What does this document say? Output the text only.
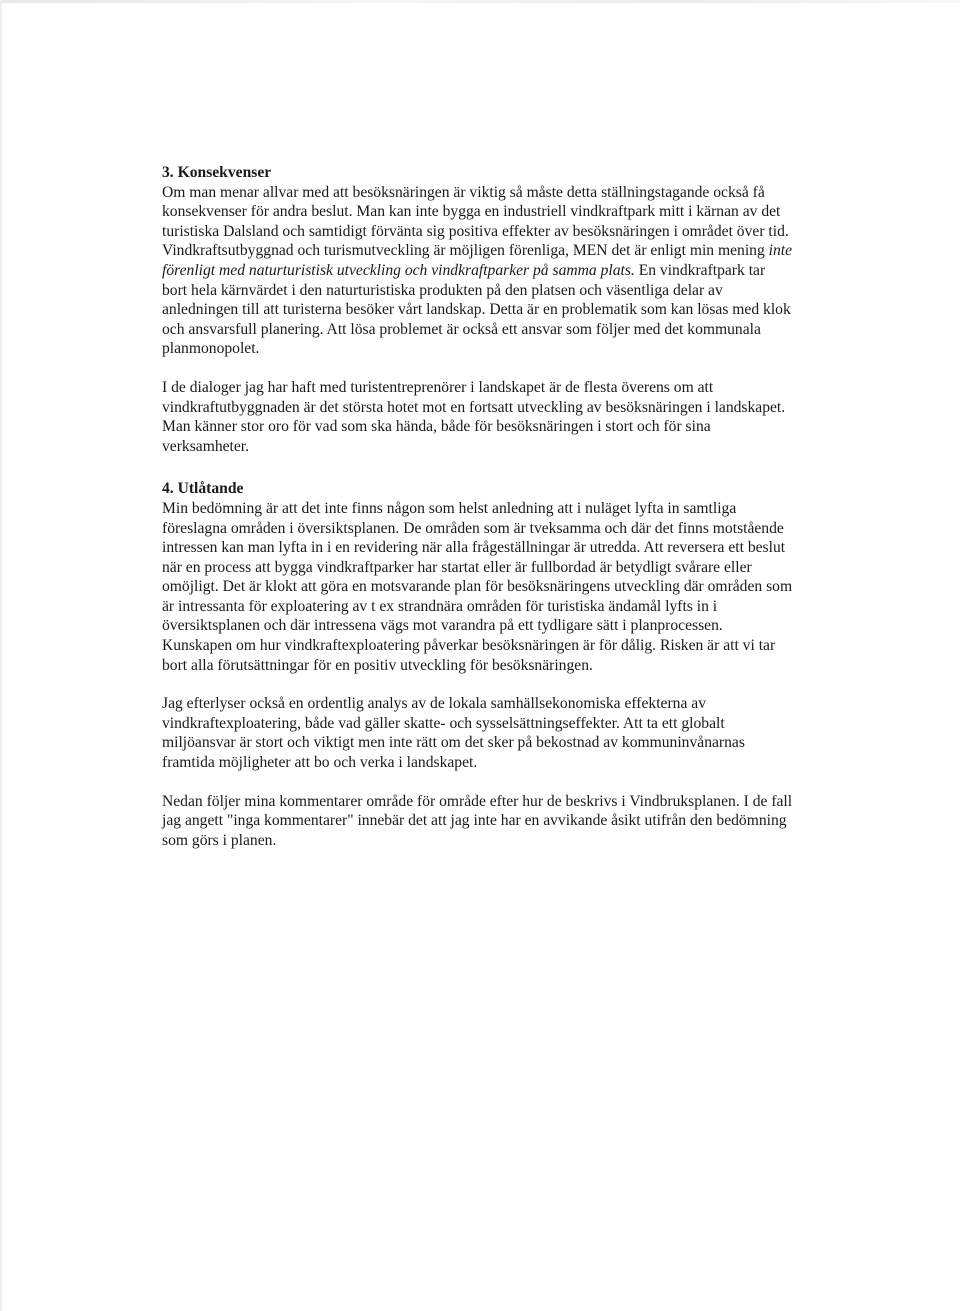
3. Konsekvenser

Om man menar allvar med att besöksnäringen är viktig så måste detta ställningstagande också få konsekvenser för andra beslut. Man kan inte bygga en industriell vindkraftpark mitt i kärnan av det turistiska Dalsland och samtidigt förvänta sig positiva effekter av besöksnäringen i området över tid. Vindkraftsutbyggnad och turismutveckling är möjligen förenliga, MEN det är enligt min mening inte förenligt med naturturistisk utveckling och vindkraftparker på samma plats. En vindkraftpark tar bort hela kärnvärdet i den naturturistiska produkten på den platsen och väsentliga delar av anledningen till att turisterna besöker vårt landskap. Detta är en problematik som kan lösas med klok och ansvarsfull planering. Att lösa problemet är också ett ansvar som följer med det kommunala planmonopolet.

I de dialoger jag har haft med turistentreprenörer i landskapet är de flesta överens om att vindkraftutbyggnaden är det största hotet mot en fortsatt utveckling av besöksnäringen i landskapet. Man känner stor oro för vad som ska hända, både för besöksnäringen i stort och för sina verksamheter.

4. Utlåtande

Min bedömning är att det inte finns någon som helst anledning att i nuläget lyfta in samtliga föreslagna områden i översiktsplanen. De områden som är tveksamma och där det finns motstående intressen kan man lyfta in i en revidering när alla frågeställningar är utredda. Att reversera ett beslut när en process att bygga vindkraftparker har startat eller är fullbordad är betydligt svårare eller omöjligt. Det är klokt att göra en motsvarande plan för besöksnäringens utveckling där områden som är intressanta för exploatering av t ex strandnära områden för turistiska ändamål lyfts in i översiktsplanen och där intressena vägs mot varandra på ett tydligare sätt i planprocessen. Kunskapen om hur vindkraftexploatering påverkar besöksnäringen är för dålig. Risken är att vi tar bort alla förutsättningar för en positiv utveckling för besöksnäringen.

Jag efterlyser också en ordentlig analys av de lokala samhällsekonomiska effekterna av vindkraftexploatering, både vad gäller skatte- och sysselsättningseffekter. Att ta ett globalt miljöansvar är stort och viktigt men inte rätt om det sker på bekostnad av kommuninvånarnas framtida möjligheter att bo och verka i landskapet.

Nedan följer mina kommentarer område för område efter hur de beskrivs i Vindbruksplanen. I de fall jag angett "inga kommentarer" innebär det att jag inte har en avvikande åsikt utifrån den bedömning som görs i planen.
